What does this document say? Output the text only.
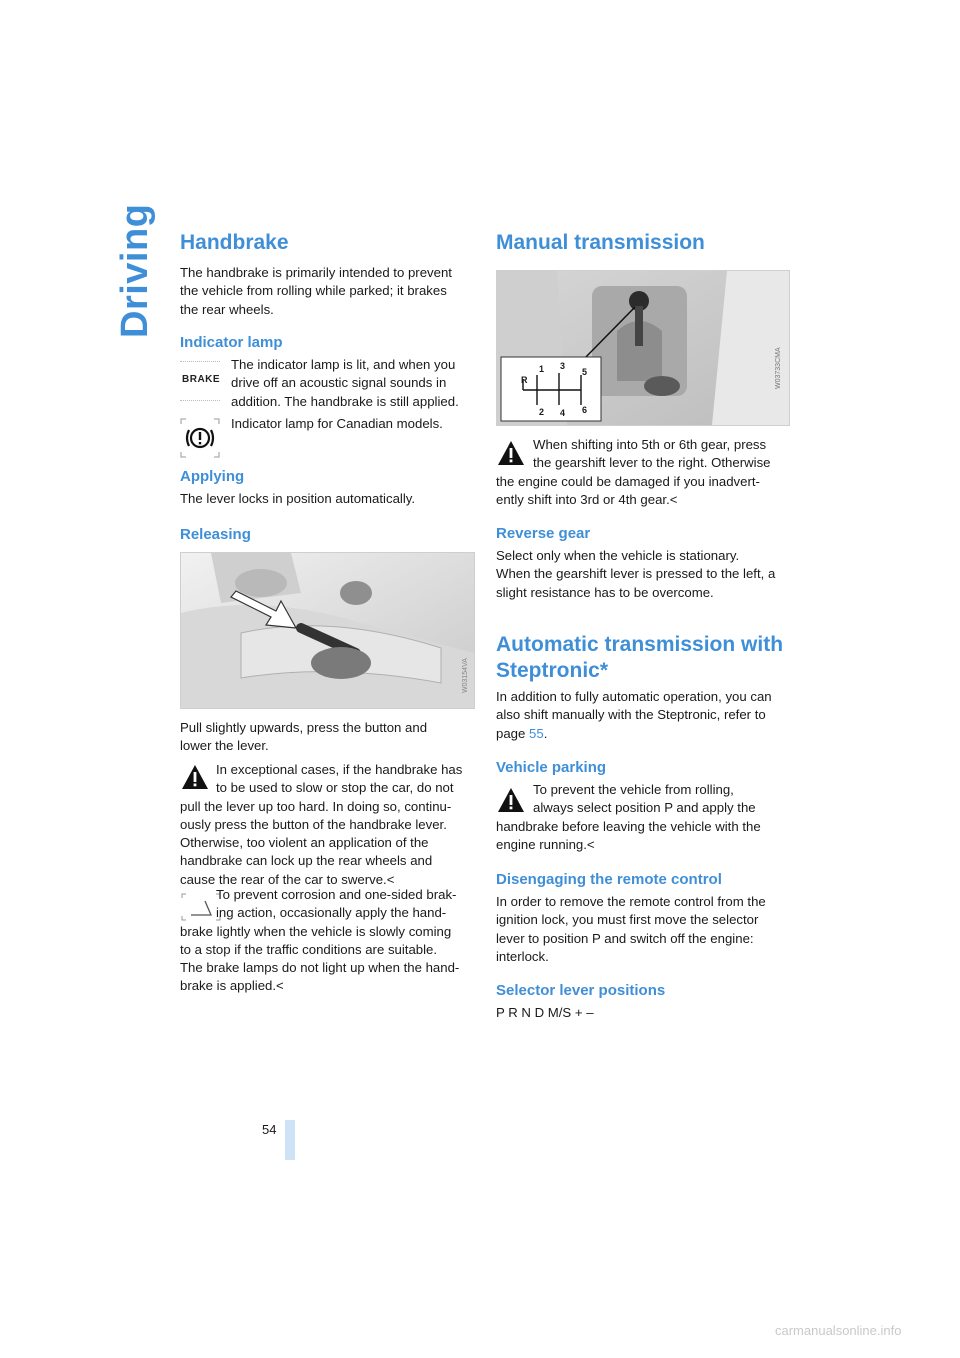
Driving Handbrake

The handbrake is primarily intended to prevent

the vehicle from rolling while parked; it brakes

the rear wheels.

Indicator lamp
BRAKE

The indicator lamp is lit, and when you

drive off an acoustic signal sounds in

addition. The handbrake is still applied.

Indicator lamp for Canadian models.

Applying

The lever locks in position automatically.

Releasing
W03154VA

Pull slightly upwards, press the button and

lower the lever.

In exceptional cases, if the handbrake has

to be used to slow or stop the car, do not

pull the lever up too hard. In doing so, continu-

ously press the button of the handbrake lever.

Otherwise, too violent an application of the

handbrake can lock up the rear wheels and

cause the rear of the car to swerve.<

To prevent corrosion and one-sided brak-

ing action, occasionally apply the hand-

brake lightly when the vehicle is slowly coming

to a stop if the traffic conditions are suitable.

The brake lamps do not light up when the hand-

brake is applied.<

Manual transmission
R
1
2
3
4
5
6
W03733CMA

When shifting into 5th or 6th gear, press

the gearshift lever to the right. Otherwise

the engine could be damaged if you inadvert-

ently shift into 3rd or 4th gear.<

Reverse gear

Select only when the vehicle is stationary.

When the gearshift lever is pressed to the left, a

slight resistance has to be overcome.

Automatic transmission with
Steptronic*

In addition to fully automatic operation, you can

also shift manually with the Steptronic, refer to

page 55.

Vehicle parking

To prevent the vehicle from rolling,

always select position P and apply the

handbrake before leaving the vehicle with the

engine running.<

Disengaging the remote control

In order to remove the remote control from the

ignition lock, you must first move the selector

lever to position P and switch off the engine:

interlock.

Selector lever positions

P R N D M/S + –

54
carmanualsonline.info
